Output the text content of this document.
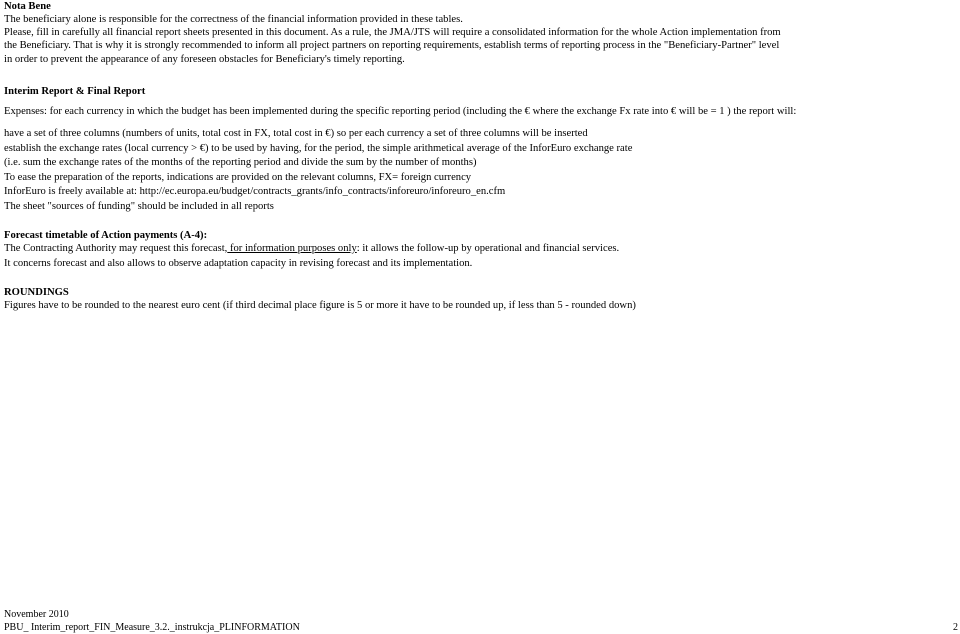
Nota Bene
The beneficiary alone is responsible for the correctness of the financial information provided in these tables.
Please, fill in carefully all financial report sheets presented in this document. As a rule, the JMA/JTS will require a consolidated information for the whole Action implementation from
the Beneficiary. That is why it is strongly recommended to inform all project partners on reporting requirements, establish terms of reporting process in the "Beneficiary-Partner" level
in order to prevent the appearance of any foreseen obstacles for Beneficiary's timely reporting.
Interim Report & Final Report
Expenses: for each currency in which the budget has been implemented during the specific reporting period (including the € where the exchange Fx rate into € will be = 1 ) the report will:
have a set of three columns (numbers of units, total cost in FX, total cost in €) so per each currency a set of three columns will be inserted
establish the exchange rates (local currency > €) to be used by having, for the period, the simple arithmetical average of the InforEuro exchange rate
(i.e. sum the exchange rates of the months of the reporting period and divide the sum by the number of months)
To ease the preparation of the reports, indications are provided on the relevant columns, FX= foreign currency
InforEuro is freely available at: http://ec.europa.eu/budget/contracts_grants/info_contracts/inforeuro/inforeuro_en.cfm
The sheet "sources of funding" should be included in all reports
Forecast timetable of Action payments (A-4):
The Contracting Authority may request this forecast, for information purposes only: it allows the follow-up by operational and financial services.
It concerns forecast and also allows to observe adaptation capacity in revising forecast and its implementation.
ROUNDINGS
Figures have to be rounded to the nearest euro cent (if third decimal place figure is 5 or more it have to be rounded up, if less than 5 - rounded down)
November 2010
PBU_ Interim_report_FIN_Measure_3.2._instrukcja_PLINFORMATION	2
